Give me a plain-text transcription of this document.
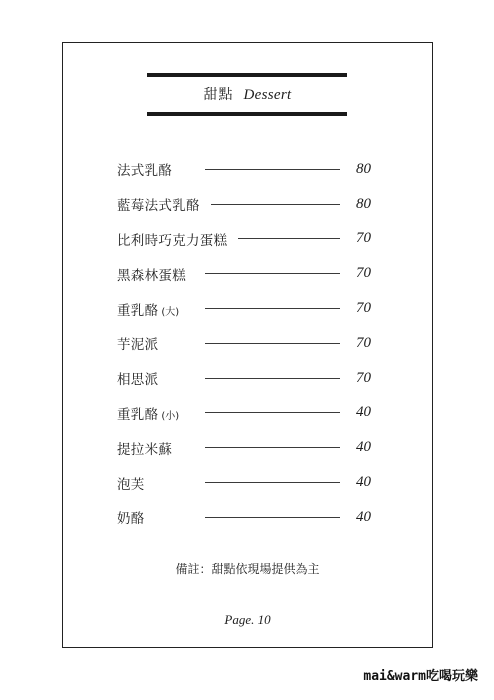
甜點 Dessert
法式乳酪	80
藍莓法式乳酪	80
比利時巧克力蛋糕	70
黑森林蛋糕	70
重乳酪 (大)	70
芋泥派	70
相思派	70
重乳酪 (小)	40
提拉米蘇	40
泡芙	40
奶酪	40
備註：甜點依現場提供為主
Page. 10
mai&warm吃喝玩樂
